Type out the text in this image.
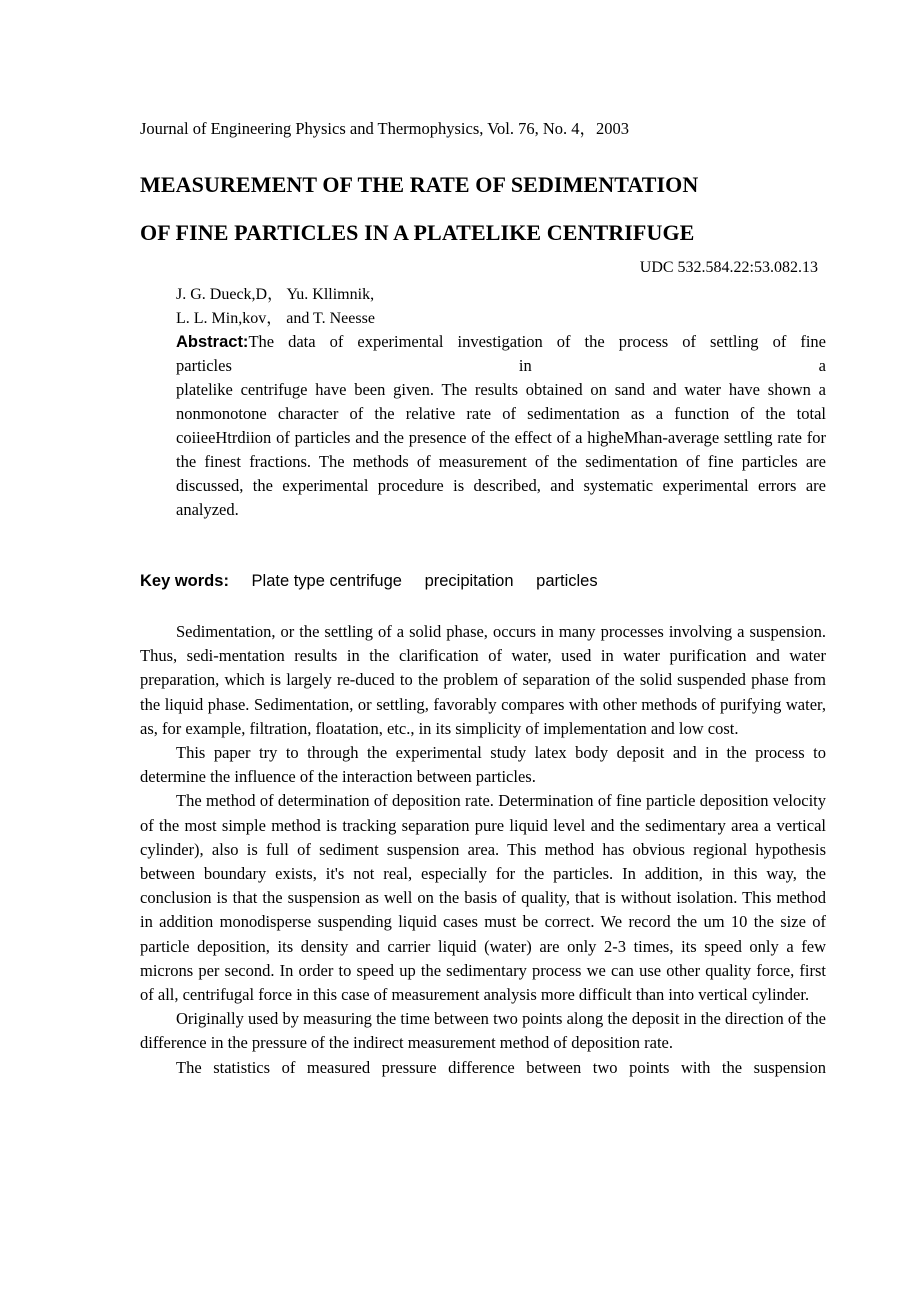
Journal of Engineering Physics and Thermophysics, Vol. 76, No. 4，2003
MEASUREMENT OF THE RATE OF SEDIMENTATION
OF FINE PARTICLES IN A PLATELIKE CENTRIFUGE
UDC 532.584.22:53.082.13
J. G. Dueck,D， Yu. Kllimnik,
L. L. Min,kov， and T. Neesse
Abstract:The data of experimental investigation of the process of settling of fine
particles in a
platelike centrifuge have been given. The results obtained on sand and water have shown a nonmonotone character of the relative rate of sedimentation as a function of the total coiieeHtrdiion of particles and the presence of the effect of a higheMhan-average settling rate for the finest fractions. The methods of measurement of the sedimentation of fine particles are discussed, the experimental procedure is described, and systematic experimental errors are analyzed.
Key words: Plate type centrifuge precipitation particles

Sedimentation, or the settling of a solid phase, occurs in many processes involving a suspension. Thus, sedi-mentation results in the clarification of water, used in water purification and water preparation, which is largely re-duced to the problem of separation of the solid suspended phase from the liquid phase. Sedimentation, or settling, favorably compares with other methods of purifying water, as, for example, filtration, floatation, etc., in its simplicity of implementation and low cost.

This paper try to through the experimental study latex body deposit and in the process to determine the influence of the interaction between particles.

The method of determination of deposition rate. Determination of fine particle deposition velocity of the most simple method is tracking separation pure liquid level and the sedimentary area a vertical cylinder), also is full of sediment suspension area. This method has obvious regional hypothesis between boundary exists, it's not real, especially for the particles. In addition, in this way, the conclusion is that the suspension as well on the basis of quality, that is without isolation. This method in addition monodisperse suspending liquid cases must be correct. We record the um 10 the size of particle deposition, its density and carrier liquid (water) are only 2-3 times, its speed only a few microns per second. In order to speed up the sedimentary process we can use other quality force, first of all, centrifugal force in this case of measurement analysis more difficult than into vertical cylinder.

Originally used by measuring the time between two points along the deposit in the direction of the difference in the pressure of the indirect measurement method of deposition rate.

The statistics of measured pressure difference between two points with the suspension
